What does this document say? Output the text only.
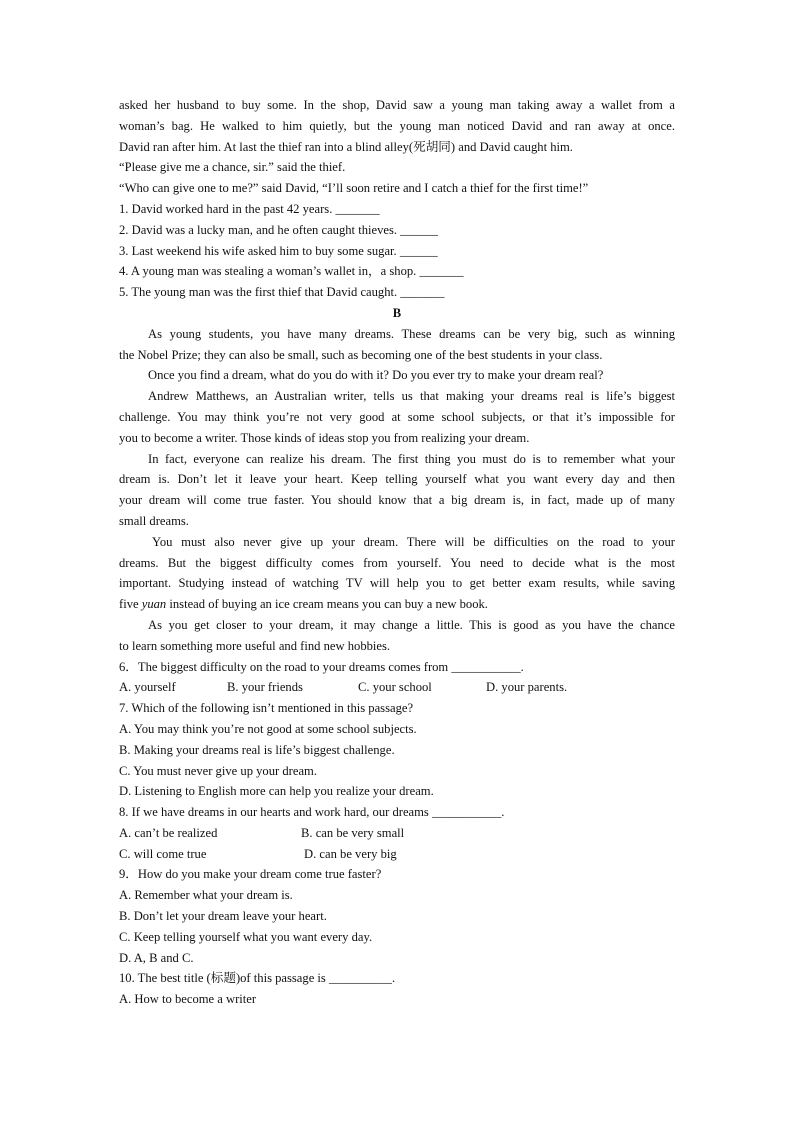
asked her husband to buy some. In the shop, David saw a young man taking away a wallet from a
woman’s bag. He walked to him quietly, but the young man noticed David and ran away at once.
David ran after him. At last the thief ran into a blind alley(死胡同) and David caught him.
“Please give me a chance, sir.” said the thief.
“Who can give one to me?” said David, “I’ll soon retire and I catch a thief for the first time!”
1. David worked hard in the past 42 years. _______
2. David was a lucky man, and he often caught thieves. ______
3. Last weekend his wife asked him to buy some sugar. ______
4. A young man was stealing a woman’s wallet in，a shop. _______
5. The young man was the first thief that David caught. _______
B
As young students, you have many dreams. These dreams can be very big, such as winning
the Nobel Prize; they can also be small, such as becoming one of the best students in your class.
Once you find a dream, what do you do with it? Do you ever try to make your dream real?
Andrew Matthews, an Australian writer, tells us that making your dreams real is life’s biggest
challenge. You may think you’re not very good at some school subjects, or that it’s impossible for
you to become a writer. Those kinds of ideas stop you from realizing your dream.
In fact, everyone can realize his dream. The first thing you must do is to remember what your
dream is. Don’t let it leave your heart. Keep telling yourself what you want every day and then
your dream will come true faster. You should know that a big dream is, in fact, made up of many
small dreams.
You must also never give up your dream. There will be difficulties on the road to your
dreams. But the biggest difficulty comes from yourself. You need to decide what is the most
important. Studying instead of watching TV will help you to get better exam results, while saving
five yuan instead of buying an ice cream means you can buy a new book.
As you get closer to your dream, it may change a little. This is good as you have the chance
to learn something more useful and find new hobbies.
6．The biggest difficulty on the road to your dreams comes from ___________.
A. yourself	B. your friends	C. your school	D. your parents.
7. Which of the following isn’t mentioned in this passage?
A. You may think you’re not good at some school subjects.
B. Making your dreams real is life’s biggest challenge.
C. You must never give up your dream.
D. Listening to English more can help you realize your dream.
8. If we have dreams in our hearts and work hard, our dreams ___________.
A. can’t be realized	B. can be very small
C. will come true	D. can be very big
9．How do you make your dream come true faster?
A. Remember what your dream is.
B. Don’t let your dream leave your heart.
C. Keep telling yourself what you want every day.
D. A, B and C.
10. The best title (标题)of this passage is __________.
A. How to become a writer
